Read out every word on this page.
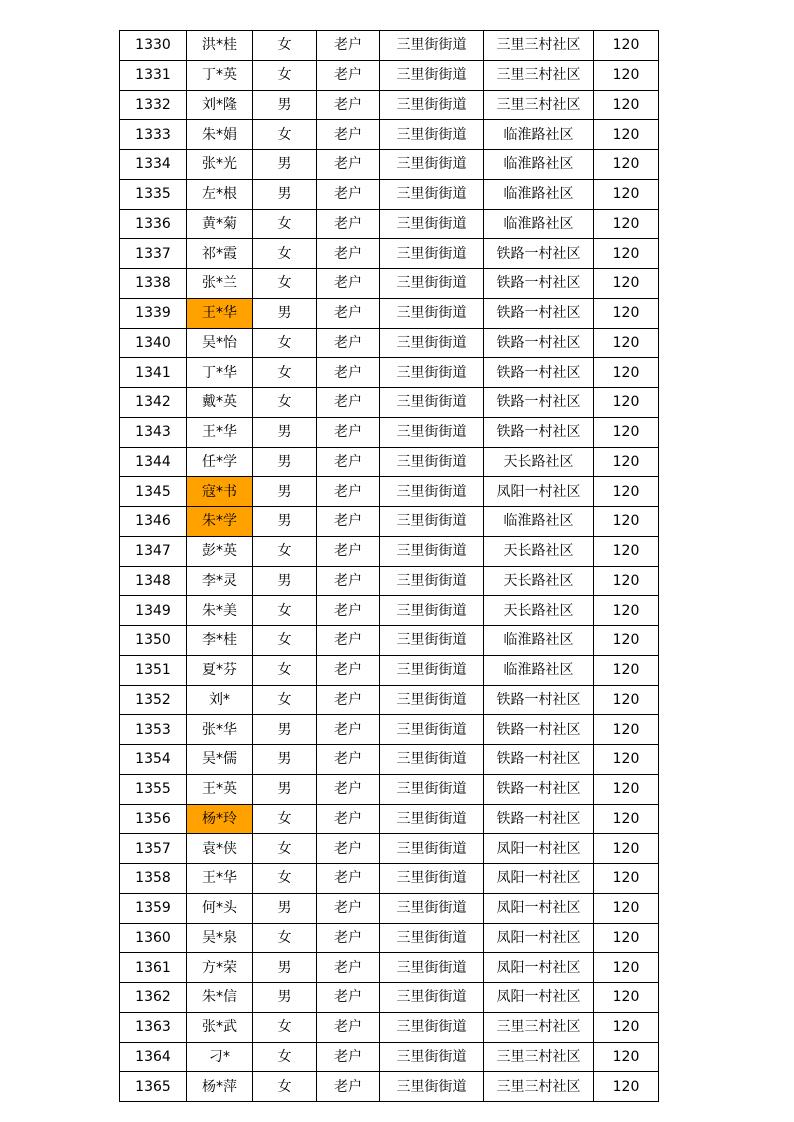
1330	洪*桂	女	老户	三里街街道	三里三村社区	120
1331	丁*英	女	老户	三里街街道	三里三村社区	120
1332	刘*隆	男	老户	三里街街道	三里三村社区	120
1333	朱*娟	女	老户	三里街街道	临淮路社区	120
1334	张*光	男	老户	三里街街道	临淮路社区	120
1335	左*根	男	老户	三里街街道	临淮路社区	120
1336	黄*菊	女	老户	三里街街道	临淮路社区	120
1337	祁*霞	女	老户	三里街街道	铁路一村社区	120
1338	张*兰	女	老户	三里街街道	铁路一村社区	120
1339	王*华	男	老户	三里街街道	铁路一村社区	120
1340	吴*怡	女	老户	三里街街道	铁路一村社区	120
1341	丁*华	女	老户	三里街街道	铁路一村社区	120
1342	戴*英	女	老户	三里街街道	铁路一村社区	120
1343	王*华	男	老户	三里街街道	铁路一村社区	120
1344	任*学	男	老户	三里街街道	天长路社区	120
1345	寇*书	男	老户	三里街街道	凤阳一村社区	120
1346	朱*学	男	老户	三里街街道	临淮路社区	120
1347	彭*英	女	老户	三里街街道	天长路社区	120
1348	李*灵	男	老户	三里街街道	天长路社区	120
1349	朱*美	女	老户	三里街街道	天长路社区	120
1350	李*桂	女	老户	三里街街道	临淮路社区	120
1351	夏*芬	女	老户	三里街街道	临淮路社区	120
1352	刘*	女	老户	三里街街道	铁路一村社区	120
1353	张*华	男	老户	三里街街道	铁路一村社区	120
1354	吴*儒	男	老户	三里街街道	铁路一村社区	120
1355	王*英	男	老户	三里街街道	铁路一村社区	120
1356	杨*玲	女	老户	三里街街道	铁路一村社区	120
1357	袁*侠	女	老户	三里街街道	凤阳一村社区	120
1358	王*华	女	老户	三里街街道	凤阳一村社区	120
1359	何*头	男	老户	三里街街道	凤阳一村社区	120
1360	吴*泉	女	老户	三里街街道	凤阳一村社区	120
1361	方*荣	男	老户	三里街街道	凤阳一村社区	120
1362	朱*信	男	老户	三里街街道	凤阳一村社区	120
1363	张*武	女	老户	三里街街道	三里三村社区	120
1364	刁*	女	老户	三里街街道	三里三村社区	120
1365	杨*萍	女	老户	三里街街道	三里三村社区	120
